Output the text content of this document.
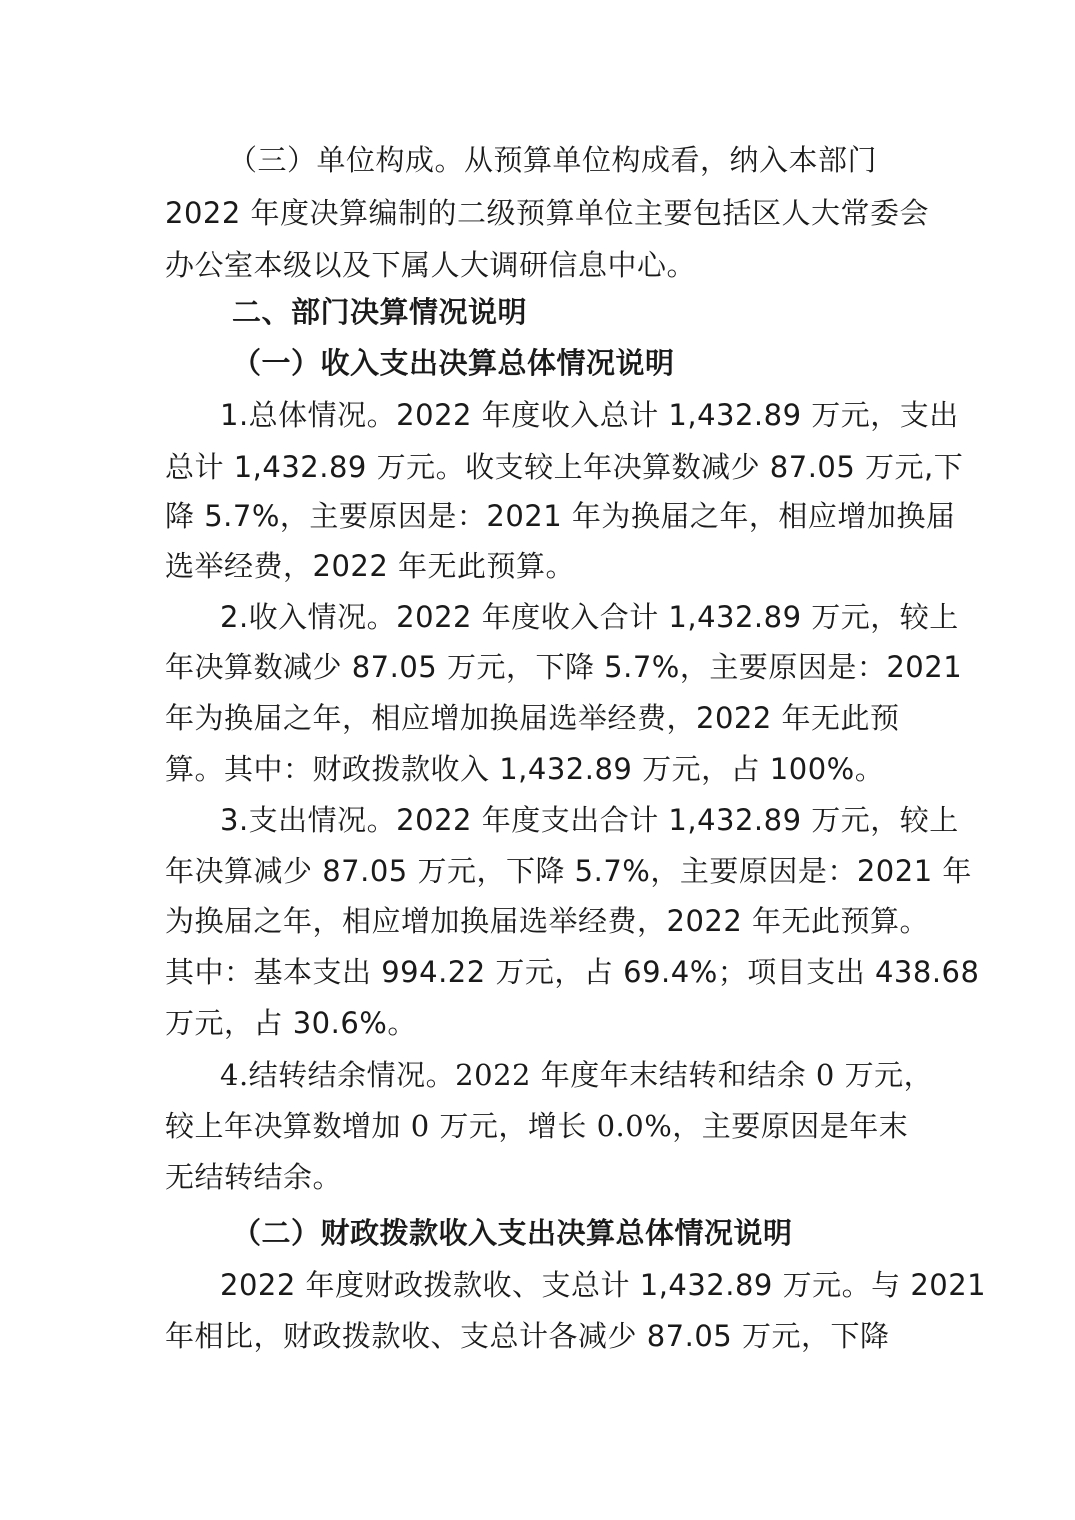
（三）单位构成。从预算单位构成看，纳入本部门
2022 年度决算编制的二级预算单位主要包括区人大常委会
办公室本级以及下属人大调研信息中心。
二、部门决算情况说明
（一）收入支出决算总体情况说明
1.总体情况。2022 年度收入总计 1,432.89 万元，支出
总计 1,432.89 万元。收支较上年决算数减少 87.05 万元,下
降 5.7%，主要原因是：2021 年为换届之年，相应增加换届
选举经费，2022 年无此预算。
2.收入情况。2022 年度收入合计 1,432.89 万元，较上
年决算数减少 87.05 万元，下降 5.7%，主要原因是：2021
年为换届之年，相应增加换届选举经费，2022 年无此预
算。其中：财政拨款收入 1,432.89 万元，占 100%。
3.支出情况。2022 年度支出合计 1,432.89 万元，较上
年决算减少 87.05 万元，下降 5.7%，主要原因是：2021 年
为换届之年，相应增加换届选举经费，2022 年无此预算。
其中：基本支出 994.22 万元，占 69.4%；项目支出 438.68
万元，占 30.6%。
4.结转结余情况。2022 年度年末结转和结余 0 万元，
较上年决算数增加 0 万元，增长 0.0%，主要原因是年末
无结转结余。
（二）财政拨款收入支出决算总体情况说明
2022 年度财政拨款收、支总计 1,432.89 万元。与 2021
年相比，财政拨款收、支总计各减少 87.05 万元，下降
